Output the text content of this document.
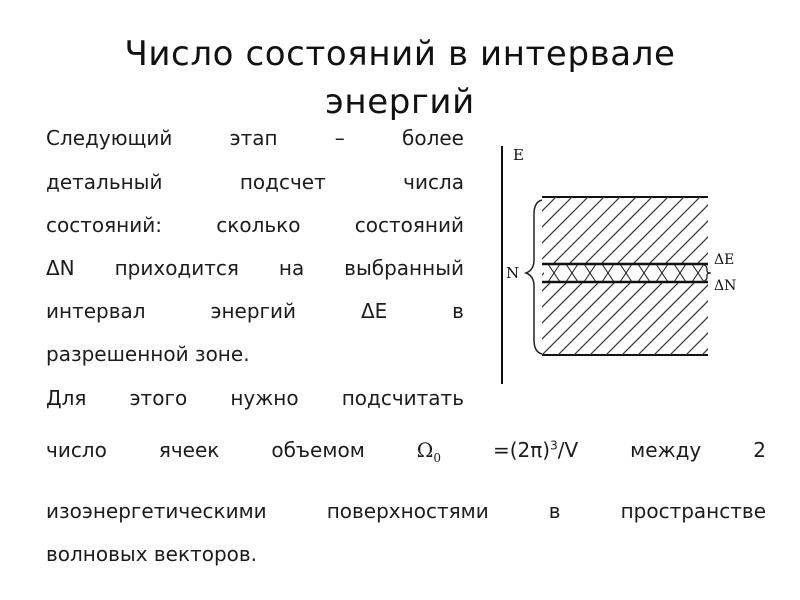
Число состояний в интервале
энергий
Следующий	этап	–	более
детальный	подсчет	числа
состояний:	сколько	состояний
ΔN приходится на выбранный
интервал	энергий	ΔE	в
разрешенной зоне.
Для этого нужно подсчитать
число	ячеек	объемом	$\Omega_0$	$=(2\pi)^3/V$	между	2
изоэнергетическими	поверхностями	в	пространстве
волновых векторов.
E
N
ΔE
ΔN
